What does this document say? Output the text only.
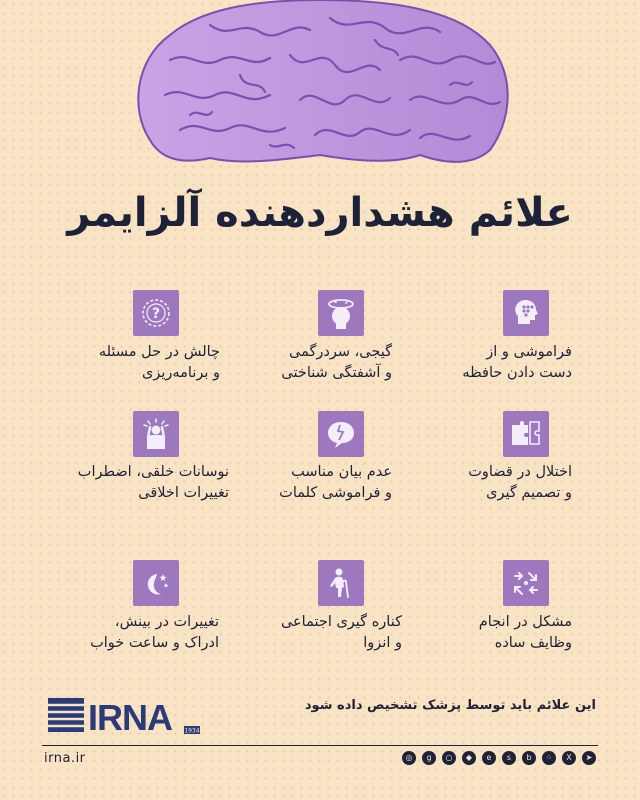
علائم هشداردهنده آلزایمر
فراموشی و از
دست دادن حافظه
گیجی، سردرگمی
و آشفتگی شناختی
?
چالش در حل مسئله
و برنامه‌ریزی
اختلال در قضاوت
و تصمیم گیری
عدم بیان مناسب
و فراموشی کلمات
نوسانات خلقی، اضطراب
تغییرات اخلاقی
مشکل در انجام
وظایف ساده
کناره گیری اجتماعی
و انزوا
تغییرات در بینش،
ادراک و ساعت خواب
IRNA 1934
این علائم باید توسط پزشک تشخیص داده شود
irna.ir	◎	g	○	◆	e	s	b	⁘	X	➤
